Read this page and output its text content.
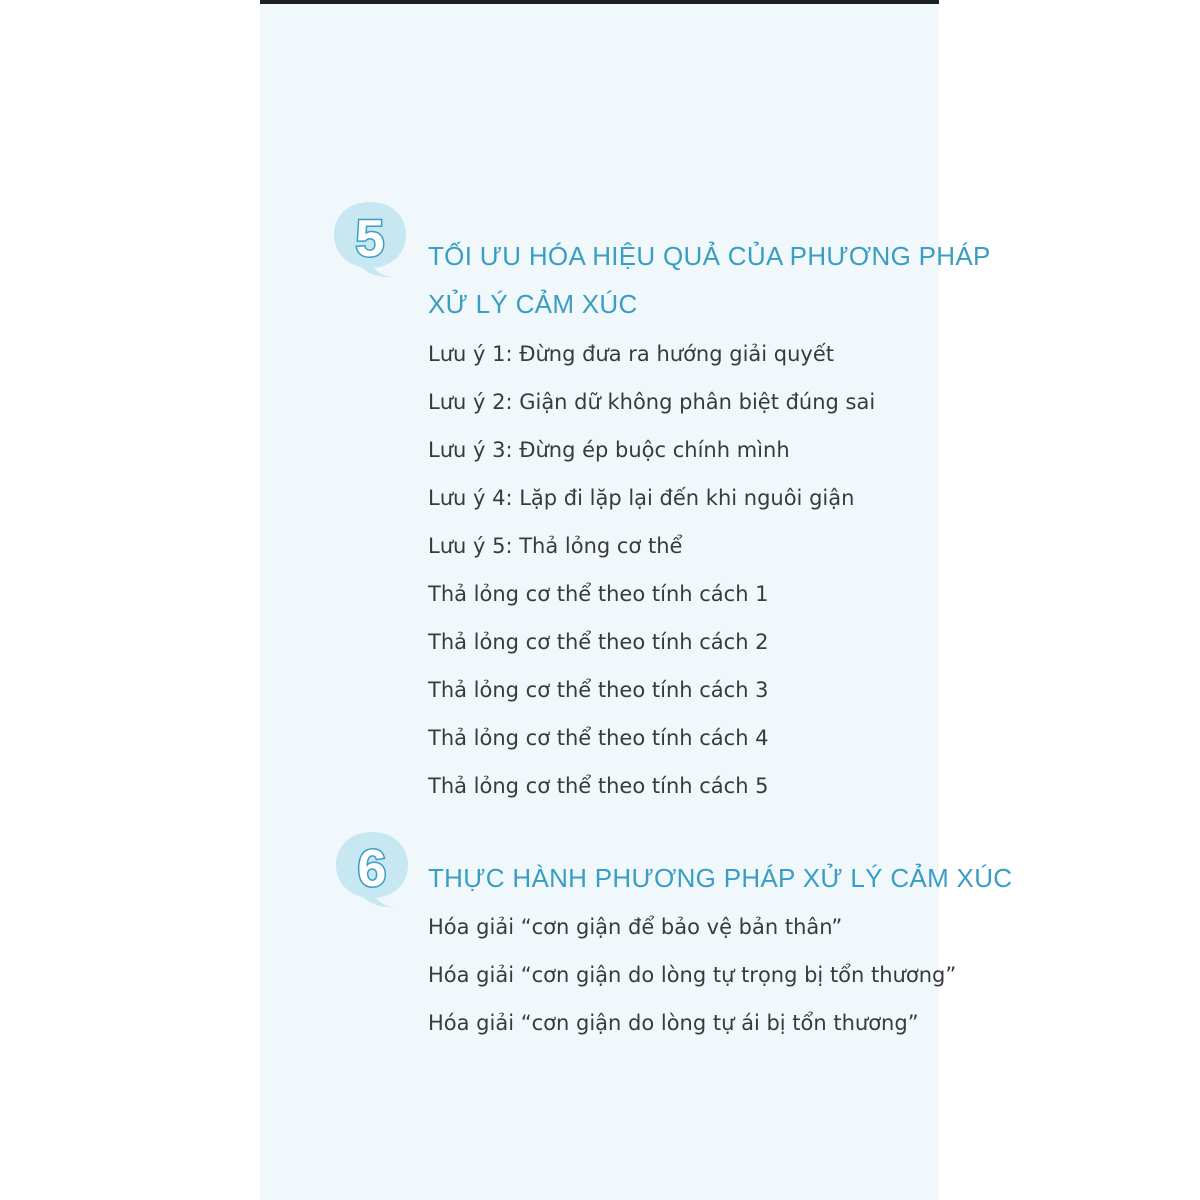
5 TỐI ƯU HÓA HIỆU QUẢ CỦA PHƯƠNG PHÁP
XỬ LÝ CẢM XÚC
Lưu ý 1: Đừng đưa ra hướng giải quyết
Lưu ý 2: Giận dữ không phân biệt đúng sai
Lưu ý 3: Đừng ép buộc chính mình
Lưu ý 4: Lặp đi lặp lại đến khi nguôi giận
Lưu ý 5: Thả lỏng cơ thể
Thả lỏng cơ thể theo tính cách 1
Thả lỏng cơ thể theo tính cách 2
Thả lỏng cơ thể theo tính cách 3
Thả lỏng cơ thể theo tính cách 4
Thả lỏng cơ thể theo tính cách 5
6 THỰC HÀNH PHƯƠNG PHÁP XỬ LÝ CẢM XÚC
Hóa giải “cơn giận để bảo vệ bản thân”
Hóa giải “cơn giận do lòng tự trọng bị tổn thương”
Hóa giải “cơn giận do lòng tự ái bị tổn thương”
